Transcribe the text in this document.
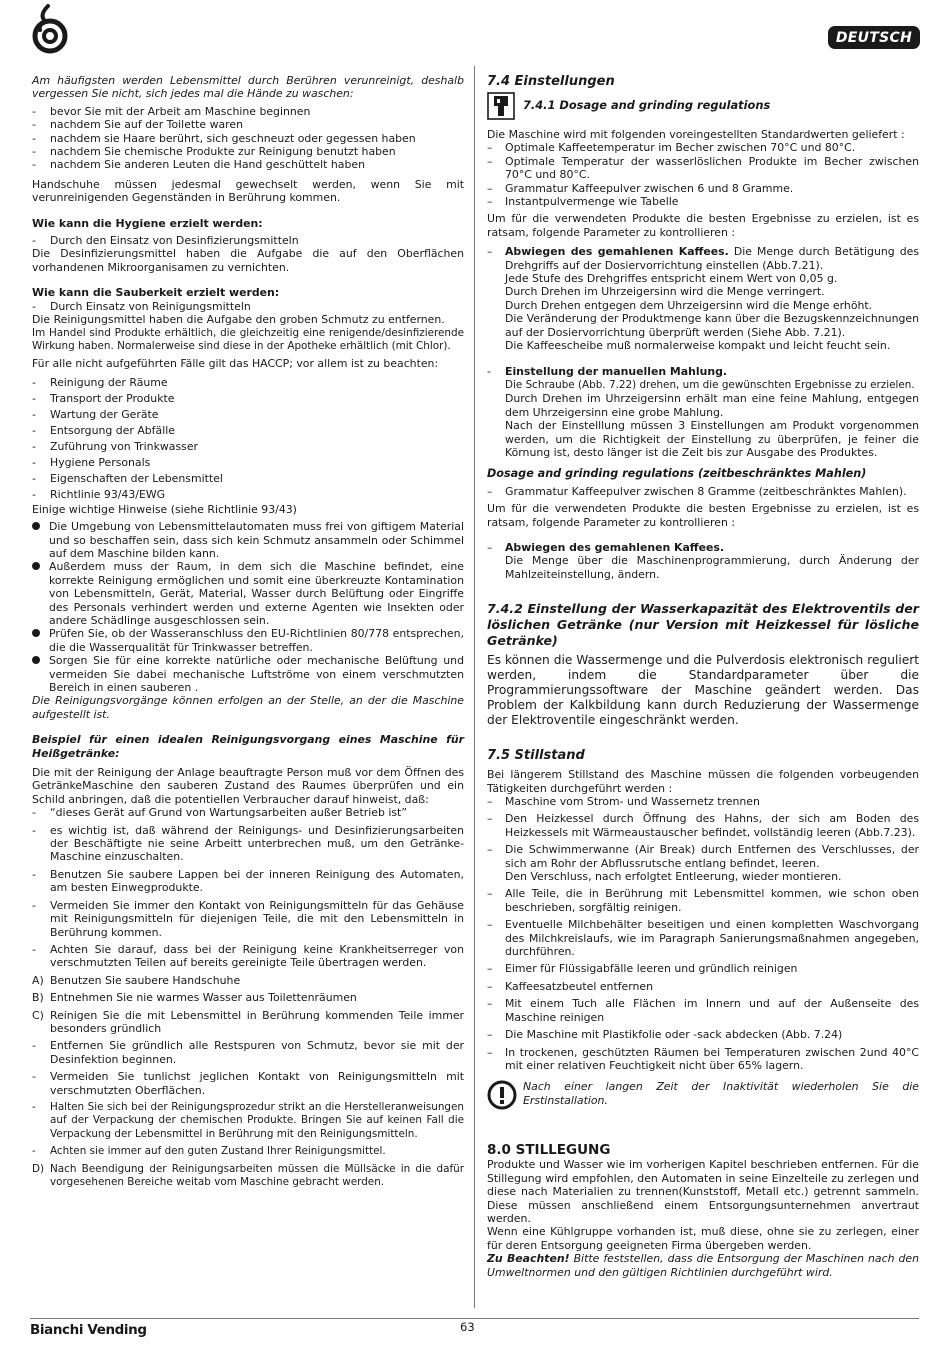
DEUTSCH

Am häufigsten werden Lebensmittel durch Berühren verunreinigt, deshalb vergessen Sie nicht, sich jedes mal die Hände zu waschen:

-	bevor Sie mit der Arbeit am Maschine beginnen
-	nachdem Sie auf der Toilette waren
-	nachdem sie Haare berührt, sich geschneuzt oder gegessen haben
-	nachdem Sie chemische Produkte zur Reinigung benutzt haben
-	nachdem Sie anderen Leuten die Hand geschüttelt haben

Handschuhe müssen jedesmal gewechselt werden, wenn Sie mit verunreinigenden Gegenständen in Berührung kommen.

Wie kann die Hygiene erzielt werden:

-	Durch den Einsatz von Desinfizierungsmitteln

Die Desinfizierungsmittel haben die Aufgabe die auf den Oberflächen vorhandenen Mikroorganisamen zu vernichten.

Wie kann die Sauberkeit erzielt werden:

-	Durch Einsatz von Reinigungsmitteln

Die Reinigungsmittel haben die Aufgabe den groben Schmutz zu entfernen.

Im Handel sind Produkte erhältlich, die gleichzeitig eine renigende/desinfizierende Wirkung haben. Normalerweise sind diese in der Apotheke erhältlich (mit Chlor).

Für alle nicht aufgeführten Fälle gilt das HACCP; vor allem ist zu beachten:

-	Reinigung der Räume
-	Transport der Produkte
-	Wartung der Geräte
-	Entsorgung der Abfälle
-	Zuführung von Trinkwasser
-	Hygiene Personals
-	Eigenschaften der Lebensmittel
-	Richtlinie 93/43/EWG

Einige wichtige Hinweise (siehe Richtlinie 93/43)

Die Umgebung von Lebensmittelautomaten muss frei von giftigem Material und so beschaffen sein, dass sich kein Schmutz ansammeln oder Schimmel auf dem Maschine bilden kann.
Außerdem muss der Raum, in dem sich die Maschine befindet, eine korrekte Reinigung ermöglichen und somit eine überkreuzte Kontamination von Lebensmitteln, Gerät, Material, Wasser durch Belüftung oder Eingriffe des Personals verhindert werden und externe Agenten wie Insekten oder andere Schädlinge ausgeschlossen sein.
Prüfen Sie, ob der Wasseranschluss den EU-Richtlinien 80/778 entsprechen, die die Wasserqualität für Trinkwasser betreffen.
Sorgen Sie für eine korrekte natürliche oder mechanische Belüftung und vermeiden Sie dabei mechanische Luftströme von einem verschmutzten Bereich in einen sauberen .

Die Reinigungsvorgänge können erfolgen an der Stelle, an der die Maschine aufgestellt ist.

Beispiel für einen idealen Reinigungsvorgang eines Maschine für Heißgetränke:

Die mit der Reinigung der Anlage beauftragte Person muß vor dem Öffnen des GetränkeMaschine den sauberen Zustand des Raumes überprüfen und ein Schild anbringen, daß die potentiellen Verbraucher darauf hinweist, daß:

-	“dieses Gerät auf Grund von Wartungsarbeiten außer Betrieb ist”
-	es wichtig ist, daß während der Reinigungs- und Desinfizierungsarbeiten der Beschäftigte nie seine Arbeitt unterbrechen muß, um den Getränke-Maschine einzuschalten.
-	Benutzen Sie saubere Lappen bei der inneren Reinigung des Automaten, am besten Einwegprodukte.
-	Vermeiden Sie immer den Kontakt von Reinigungsmitteln für das Gehäuse mit Reinigungsmitteln für diejenigen Teile, die mit den Lebensmitteln in Berührung kommen.
-	Achten Sie darauf, dass bei der Reinigung keine Krankheitserreger von verschmutzten Teilen auf bereits gereinigte Teile übertragen werden.
A) Benutzen Sie saubere Handschuhe
B) Entnehmen Sie nie warmes Wasser aus Toilettenräumen
C) Reinigen Sie die mit Lebensmittel in Berührung kommenden Teile immer besonders gründlich
-	Entfernen Sie gründlich alle Restspuren von Schmutz, bevor sie mit der Desinfektion beginnen.
-	Vermeiden Sie tunlichst jeglichen Kontakt von Reinigungsmitteln mit verschmutzten Oberflächen.
-	Halten Sie sich bei der Reinigungsprozedur strikt an die Herstelleranweisungen auf der Verpackung der chemischen Produkte. Bringen Sie auf keinen Fall die Verpackung der Lebensmittel in Berührung mit den Reinigungsmitteln.
-	Achten sie immer auf den guten Zustand Ihrer Reinigungsmittel.
D) Nach Beendigung der Reinigungsarbeiten müssen die Müllsäcke in die dafür vorgesehenen Bereiche weitab vom Maschine gebracht werden.

7.4 Einstellungen

7.4.1 Dosage and grinding regulations

Die Maschine wird mit folgenden voreingestellten Standardwerten geliefert :

–	Optimale Kaffeetemperatur im Becher zwischen 70°C und 80°C.
–	Optimale Temperatur der wasserlöslichen Produkte im Becher zwischen 70°C und 80°C.
–	Grammatur Kaffeepulver zwischen 6 und 8 Gramme.
–	Instantpulvermenge wie Tabelle

Um für die verwendeten Produkte die besten Ergebnisse zu erzielen, ist es ratsam, folgende Parameter zu kontrollieren :

–	Abwiegen des gemahlenen Kaffees. Die Menge durch Betätigung des Drehgriffs auf der Dosiervorrichtung einstellen (Abb.7.21).
Jede Stufe des Drehgriffes entspricht einem Wert von 0,05 g.
Durch Drehen im Uhrzeigersinn wird die Menge verringert.
Durch Drehen entgegen dem Uhrzeigersinn wird die Menge erhöht.
Die Veränderung der Produktmenge kann über die Bezugskennzeichnungen auf der Dosiervorrichtung überprüft werden (Siehe Abb. 7.21).
Die Kaffeescheibe muß normalerweise kompakt und leicht feucht sein.
-	Einstellung der manuellen Mahlung.
Die Schraube (Abb. 7.22) drehen, um die gewünschten Ergebnisse zu erzielen.
Durch Drehen im Uhrzeigersinn erhält man eine feine Mahlung, entgegen dem Uhrzeigersinn eine grobe Mahlung.
Nach der Einstelllung müssen 3 Einstellungen am Produkt vorgenommen werden, um die Richtigkeit der Einstellung zu überprüfen, je feiner die Körnung ist, desto länger ist die Zeit bis zur Ausgabe des Produktes.

Dosage and grinding regulations (zeitbeschränktes Mahlen)

–	Grammatur Kaffeepulver zwischen 8 Gramme (zeitbeschränktes Mahlen).

Um für die verwendeten Produkte die besten Ergebnisse zu erzielen, ist es ratsam, folgende Parameter zu kontrollieren :

–	Abwiegen des gemahlenen Kaffees.
Die Menge über die Maschinenprogrammierung, durch Änderung der Mahlzeiteinstellung, ändern.

7.4.2 Einstellung der Wasserkapazität des Elektroventils der löslichen Getränke (nur Version mit Heizkessel für lösliche Getränke)

Es können die Wassermenge und die Pulverdosis elektronisch reguliert werden, indem die Standardparameter über die Programmierungssoftware der Maschine geändert werden. Das Problem der Kalkbildung kann durch Reduzierung der Wassermenge der Elektroventile eingeschränkt werden.

7.5 Stillstand

Bei längerem Stillstand des Maschine müssen die folgenden vorbeugenden Tätigkeiten durchgeführt werden :

–	Maschine vom Strom- und Wassernetz trennen
–	Den Heizkessel durch Öffnung des Hahns, der sich am Boden des Heizkessels mit Wärmeaustauscher befindet, vollständig leeren (Abb.7.23).
–	Die Schwimmerwanne (Air Break) durch Entfernen des Verschlusses, der sich am Rohr der Abflussrutsche entlang befindet, leeren.
Den Verschluss, nach erfolgtet Entleerung, wieder montieren.
–	Alle Teile, die in Berührung mit Lebensmittel kommen, wie schon oben beschrieben, sorgfältig reinigen.
–	Eventuelle Milchbehälter beseitigen und einen kompletten Waschvorgang des Milchkreislaufs, wie im Paragraph Sanierungsmaßnahmen angegeben, durchführen.
–	Eimer für Flüssigabfälle leeren und gründlich reinigen
–	Kaffeesatzbeutel entfernen
–	Mit einem Tuch alle Flächen im Innern und auf der Außenseite des Maschine reinigen
–	Die Maschine mit Plastikfolie oder -sack abdecken (Abb. 7.24)
–	In trockenen, geschützten Räumen bei Temperaturen zwischen 2und 40°C mit einer relativen Feuchtigkeit nicht über 65% lagern.

Nach einer langen Zeit der Inaktivität wiederholen Sie die Erstinstallation.

8.0 STILLEGUNG

Produkte und Wasser wie im vorherigen Kapitel beschrieben entfernen. Für die Stillegung wird empfohlen, den Automaten in seine Einzelteile zu zerlegen und diese nach Materialien zu trennen(Kunststoff, Metall etc.) getrennt sammeln. Diese müssen anschließend einem Entsorgungsunternehmen anvertraut werden.

Wenn eine Kühlgruppe vorhanden ist, muß diese, ohne sie zu zerlegen, einer für deren Entsorgung geeigneten Firma übergeben werden.

Zu Beachten! Bitte feststellen, dass die Entsorgung der Maschinen nach den Umweltnormen und den gültigen Richtlinien durchgeführt wird.

Bianchi Vending	63
